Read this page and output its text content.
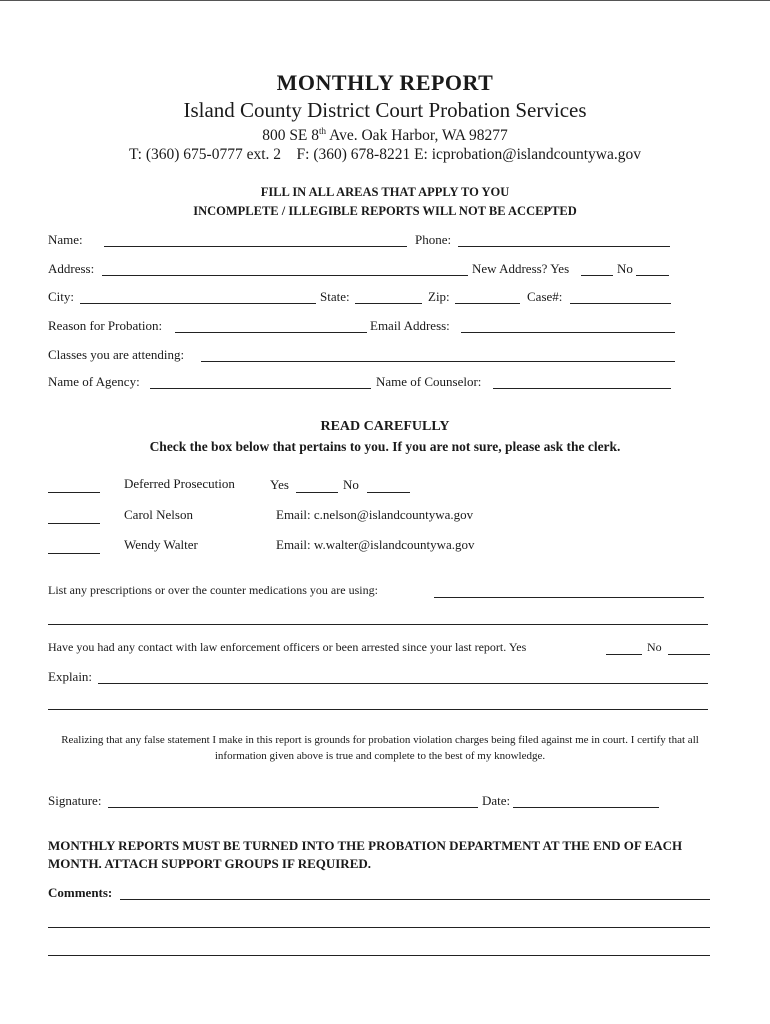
MONTHLY REPORT
Island County District Court Probation Services
800 SE 8th Ave. Oak Harbor, WA 98277
T: (360) 675-0777 ext. 2    F: (360) 678-8221 E: icprobation@islandcountywa.gov
FILL IN ALL AREAS THAT APPLY TO YOU
INCOMPLETE / ILLEGIBLE REPORTS WILL NOT BE ACCEPTED
Name:	Phone:
Address:	New Address? Yes	No
City:	State:	Zip:	Case#:
Reason for Probation:	Email Address:
Classes you are attending:
Name of Agency:	Name of Counselor:
READ CAREFULLY
Check the box below that pertains to you. If you are not sure, please ask the clerk.
Deferred Prosecution	Yes	No
Carol Nelson	Email: c.nelson@islandcountywa.gov
Wendy Walter	Email: w.walter@islandcountywa.gov
List any prescriptions or over the counter medications you are using:
Have you had any contact with law enforcement officers or been arrested since your last report. Yes	No
Explain:
Realizing that any false statement I make in this report is grounds for probation violation charges being filed against me in court. I certify that all information given above is true and complete to the best of my knowledge.
Signature:	Date:
MONTHLY REPORTS MUST BE TURNED INTO THE PROBATION DEPARTMENT AT THE END OF EACH MONTH. ATTACH SUPPORT GROUPS IF REQUIRED.
Comments:
